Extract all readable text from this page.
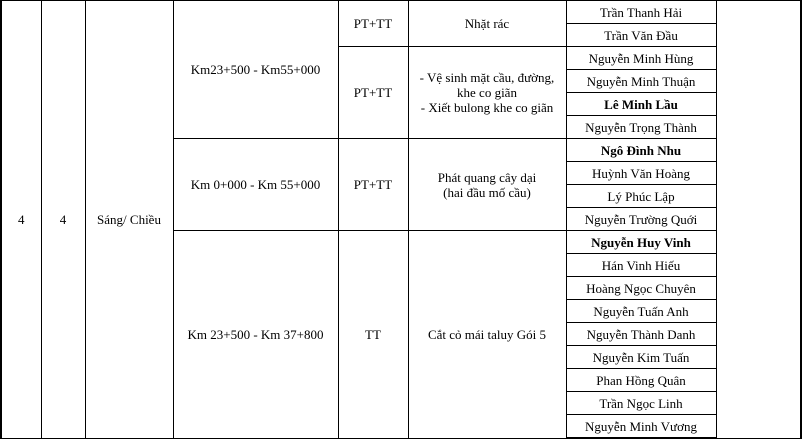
4	4	Sáng/ Chiều	Km23+500 - Km55+000	PT+TT	Nhặt rác	Trần Thanh Hải	
						Trần Văn Đầu	
				PT+TT	- Vệ sinh mặt cầu, đường,
khe co giãn
- Xiết bulong khe co giãn	Nguyễn Minh Hùng	
						Nguyễn Minh Thuận	
						Lê Minh Lầu	
						Nguyễn Trọng Thành	
			Km 0+000 - Km 55+000	PT+TT	Phát quang cây dại
(hai đầu mố cầu)	Ngô Đình Nhu	
						Huỳnh Văn Hoàng	
						Lý Phúc Lập	
						Nguyễn Trường Quới	
			Km 23+500 - Km 37+800	TT	Cắt cỏ mái taluy Gói 5	Nguyễn Huy Vinh	
						Hán Vinh Hiếu	
						Hoàng Ngọc Chuyên	
						Nguyễn Tuấn Anh	
						Nguyễn Thành Danh	
						Nguyễn Kim Tuấn	
						Phan Hồng Quân	
						Trần Ngọc Linh	
						Nguyễn Minh Vương	
